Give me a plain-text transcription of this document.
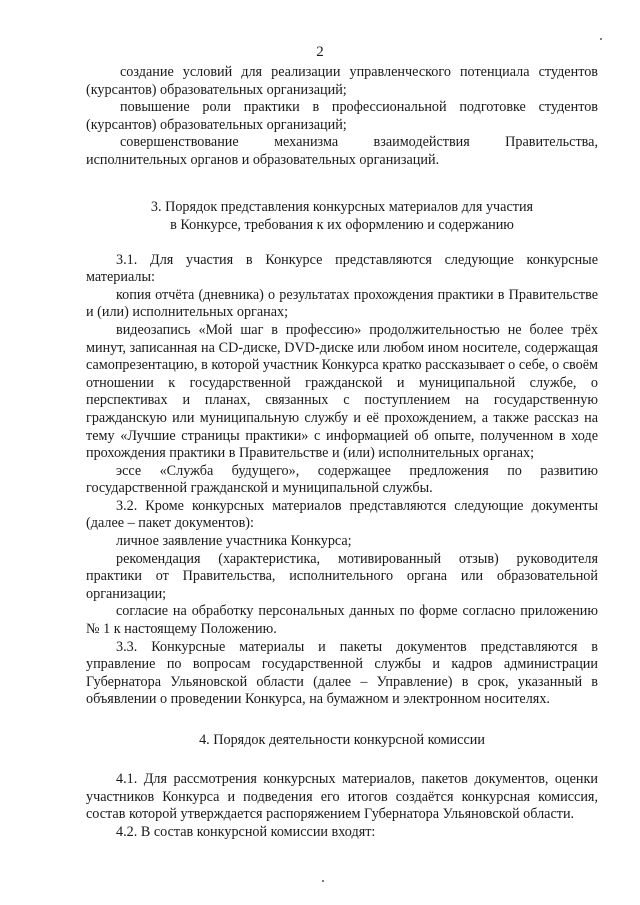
2

создание условий для реализации управленческого потенциала студентов (курсантов) образовательных организаций;

повышение роли практики в профессиональной подготовке студентов (курсантов) образовательных организаций;

совершенствование механизма взаимодействия Правительства, исполнительных органов и образовательных организаций.

3. Порядок представления конкурсных материалов для участия

в Конкурсе, требования к их оформлению и содержанию

3.1. Для участия в Конкурсе представляются следующие конкурсные материалы:

копия отчёта (дневника) о результатах прохождения практики в Правительстве и (или) исполнительных органах;

видеозапись «Мой шаг в профессию» продолжительностью не более трёх минут, записанная на CD-диске, DVD-диске или любом ином носителе, содержащая самопрезентацию, в которой участник Конкурса кратко рассказывает о себе, о своём отношении к государственной гражданской и муниципальной службе, о перспективах и планах, связанных с поступлением на государственную гражданскую или муниципальную службу и её прохождением, а также рассказ на тему «Лучшие страницы практики» с информацией об опыте, полученном в ходе прохождения практики в Правительстве и (или) исполнительных органах;

эссе «Служба будущего», содержащее предложения по развитию государственной гражданской и муниципальной службы.

3.2. Кроме конкурсных материалов представляются следующие документы (далее – пакет документов):

личное заявление участника Конкурса;

рекомендация (характеристика, мотивированный отзыв) руководителя практики от Правительства, исполнительного органа или образовательной организации;

согласие на обработку персональных данных по форме согласно приложению № 1 к настоящему Положению.

3.3. Конкурсные материалы и пакеты документов представляются в управление по вопросам государственной службы и кадров администрации Губернатора Ульяновской области (далее – Управление) в срок, указанный в объявлении о проведении Конкурса, на бумажном и электронном носителях.

4. Порядок деятельности конкурсной комиссии

4.1. Для рассмотрения конкурсных материалов, пакетов документов, оценки участников Конкурса и подведения его итогов создаётся конкурсная комиссия, состав которой утверждается распоряжением Губернатора Ульяновской области.

4.2. В состав конкурсной комиссии входят:
